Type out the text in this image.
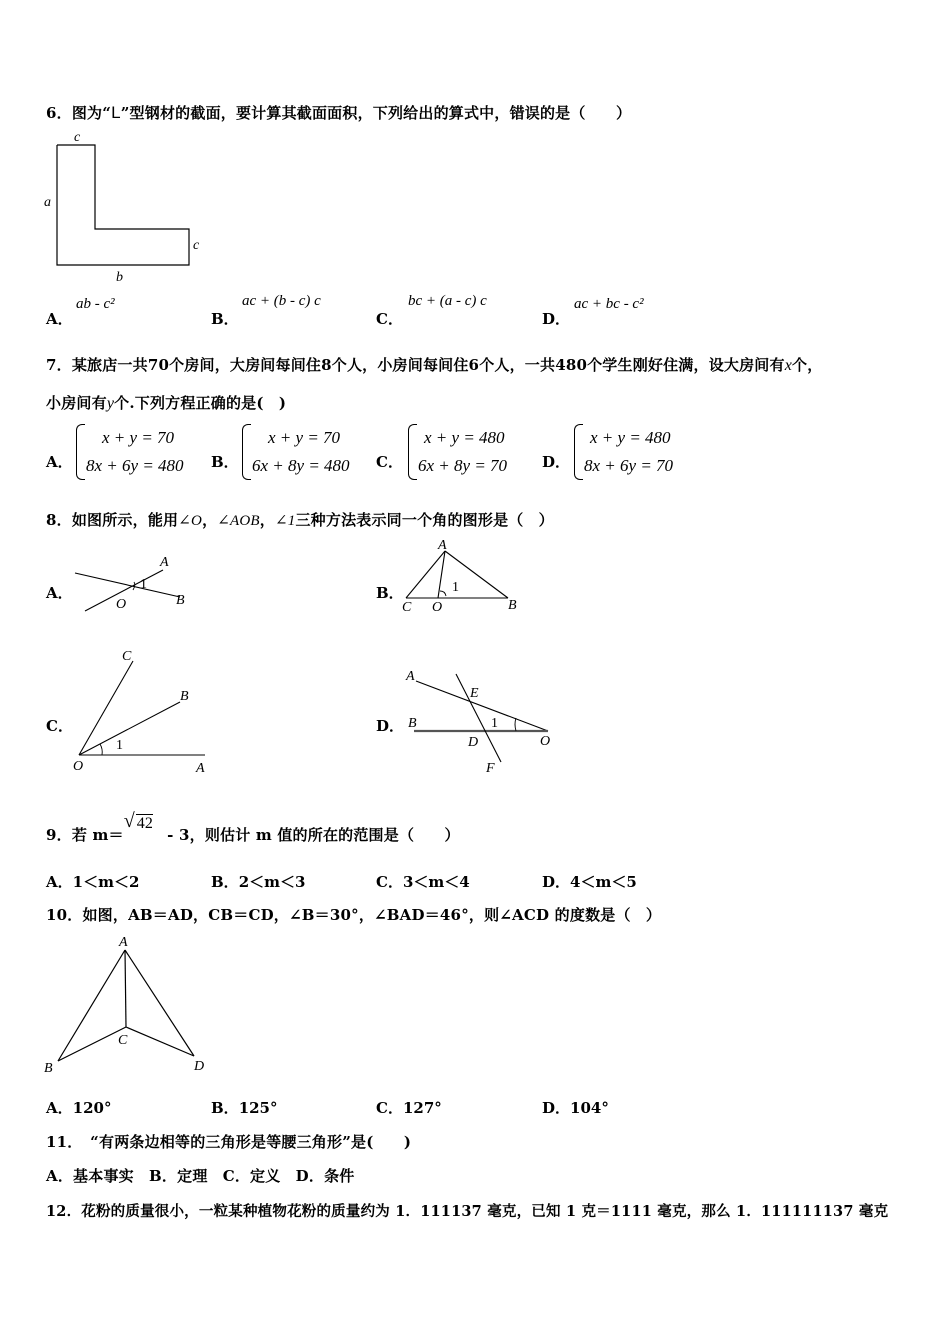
6．图为“L”型钢材的截面，要计算其截面面积，下列给出的算式中，错误的是（　　）
c
a
c
b
A．
ab - c²
B．
ac + (b - c) c
C．
bc + (a - c) c
D．
ac + bc - c²
7．某旅店一共70个房间，大房间每间住8个人，小房间每间住6个人，一共480个学生刚好住满，设大房间有x个，
小房间有y个.下列方程正确的是(　)
A．
x + y = 70
8x + 6y = 480 B．
x + y = 70
6x + 8y = 480 C．
x + y = 480
6x + 8y = 70 D．
x + y = 480
8x + 6y = 70
8．如图所示，能用∠O，∠AOB，∠1三种方法表示同一个角的图形是（　）
A．
A
O
1
B	B．
A
1
C O	B
C．
C
B
1
O	A
D．
A
E
B	1
D	O
F
9．若 m＝
√ 42
- 3，则估计 m 值的所在的范围是（　　）
A．1＜m＜2	B．2＜m＜3	C．3＜m＜4	D．4＜m＜5
10．如图，AB＝AD，CB＝CD，∠B＝30°，∠BAD＝46°，则∠ACD 的度数是（　）
A
B
C
D
A．120°	B．125°	C．127°	D．104°
11．　“有两条边相等的三角形是等腰三角形”是(　　)
A．基本事实　B．定理　C．定义　D．条件
12．花粉的质量很小，一粒某种植物花粉的质量约为 1．111137 毫克，已知 1 克＝1111 毫克，那么 1．111111137 毫克
